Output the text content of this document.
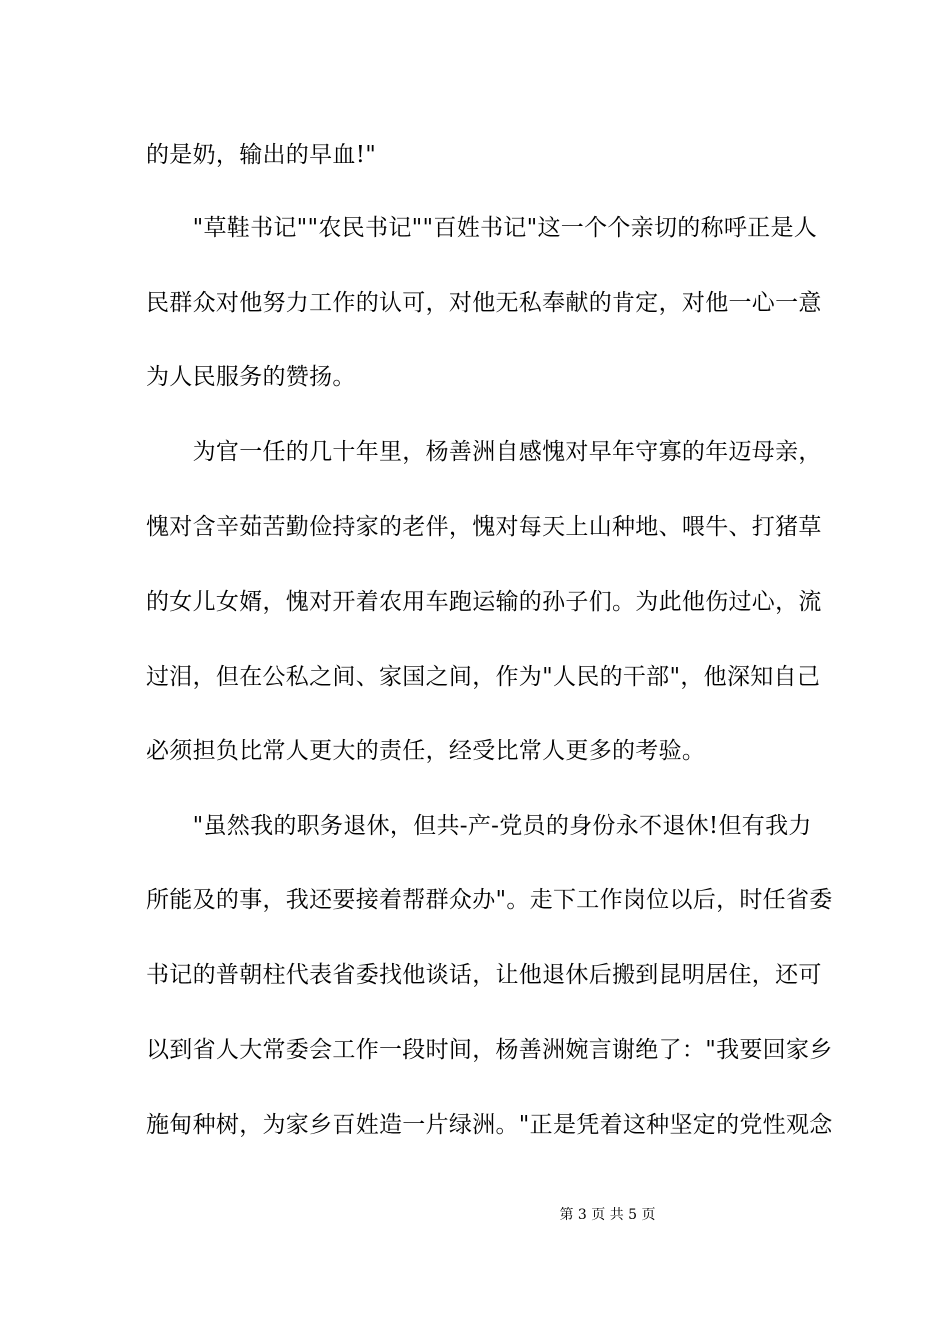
的是奶，输出的早血!"
　　"草鞋书记""农民书记""百姓书记"这一个个亲切的称呼正是人
民群众对他努力工作的认可，对他无私奉献的肯定，对他一心一意
为人民服务的赞扬。
　　为官一任的几十年里，杨善洲自感愧对早年守寡的年迈母亲，
愧对含辛茹苦勤俭持家的老伴，愧对每天上山种地、喂牛、打猪草
的女儿女婿，愧对开着农用车跑运输的孙子们。为此他伤过心，流
过泪，但在公私之间、家国之间，作为"人民的干部"，他深知自己
必须担负比常人更大的责任，经受比常人更多的考验。
　　"虽然我的职务退休，但共-产-党员的身份永不退休!但有我力
所能及的事，我还要接着帮群众办"。走下工作岗位以后，时任省委
书记的普朝柱代表省委找他谈话，让他退休后搬到昆明居住，还可
以到省人大常委会工作一段时间，杨善洲婉言谢绝了："我要回家乡
施甸种树，为家乡百姓造一片绿洲。"正是凭着这种坚定的党性观念
第 3 页 共 5 页
